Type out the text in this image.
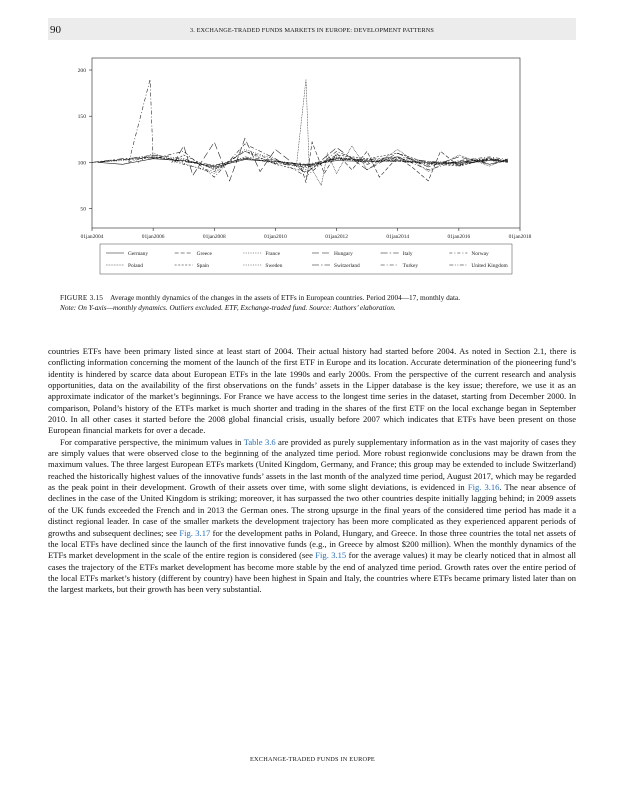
90	3. EXCHANGE-TRADED FUNDS MARKETS IN EUROPE: DEVELOPMENT PATTERNS
50
100
150
200
01jan2004	01jan2006	01jan2008	01jan2010	01jan2012	01jan2014	01jan2016	01jan2018
Germany	Greece	France	Hungary	Italy	Norway
Poland	Spain	Sweden	Switzerland	Turkey	United Kingdom
FIGURE 3.15 Average monthly dynamics of the changes in the assets of ETFs in European countries. Period 2004—17, monthly data.
Note: On Y-axis—monthly dynamics. Outliers excluded. ETF, Exchange-traded fund. Source: Authors’ elaboration.

countries ETFs have been primary listed since at least start of 2004. Their actual history had started before 2004. As noted in Section 2.1, there is conflicting information concerning the moment of the launch of the first ETF in Europe and its location. Accurate determination of the pioneering fund’s identity is hindered by scarce data about European ETFs in the late 1990s and early 2000s. From the perspective of the current research and analysis opportunities, data on the availability of the first observations on the funds’ assets in the Lipper database is the key issue; therefore, we use it as an approximate indicator of the market’s beginnings. For France we have access to the longest time series in the dataset, starting from December 2000. In comparison, Poland’s history of the ETFs market is much shorter and trading in the shares of the first ETF on the local exchange began in September 2010. In all other cases it started before the 2008 global financial crisis, usually before 2007 which indicates that ETFs have been present on those European financial markets for over a decade.

For comparative perspective, the minimum values in Table 3.6 are provided as purely supplementary information as in the vast majority of cases they are simply values that were observed close to the beginning of the analyzed time period. More robust regionwide conclusions may be drawn from the maximum values. The three largest European ETFs markets (United Kingdom, Germany, and France; this group may be extended to include Switzerland) reached the historically highest values of the innovative funds’ assets in the last month of the analyzed time period, August 2017, which may be regarded as the peak point in their development. Growth of their assets over time, with some slight deviations, is evidenced in Fig. 3.16. The near absence of declines in the case of the United Kingdom is striking; moreover, it has surpassed the two other countries despite initially lagging behind; in 2009 assets of the UK funds exceeded the French and in 2013 the German ones. The strong upsurge in the final years of the considered time period has made it a distinct regional leader. In case of the smaller markets the development trajectory has been more complicated as they experienced apparent periods of growths and subsequent declines; see Fig. 3.17 for the development paths in Poland, Hungary, and Greece. In those three countries the total net assets of the local ETFs have declined since the launch of the first innovative funds (e.g., in Greece by almost $200 million). When the monthly dynamics of the ETFs market development in the scale of the entire region is considered (see Fig. 3.15 for the average values) it may be clearly noticed that in almost all cases the trajectory of the ETFs market development has become more stable by the end of analyzed time period. Growth rates over the entire period of the local ETFs market’s history (different by country) have been highest in Spain and Italy, the countries where ETFs became primary listed later than on the largest markets, but their growth has been very substantial.

EXCHANGE-TRADED FUNDS IN EUROPE
